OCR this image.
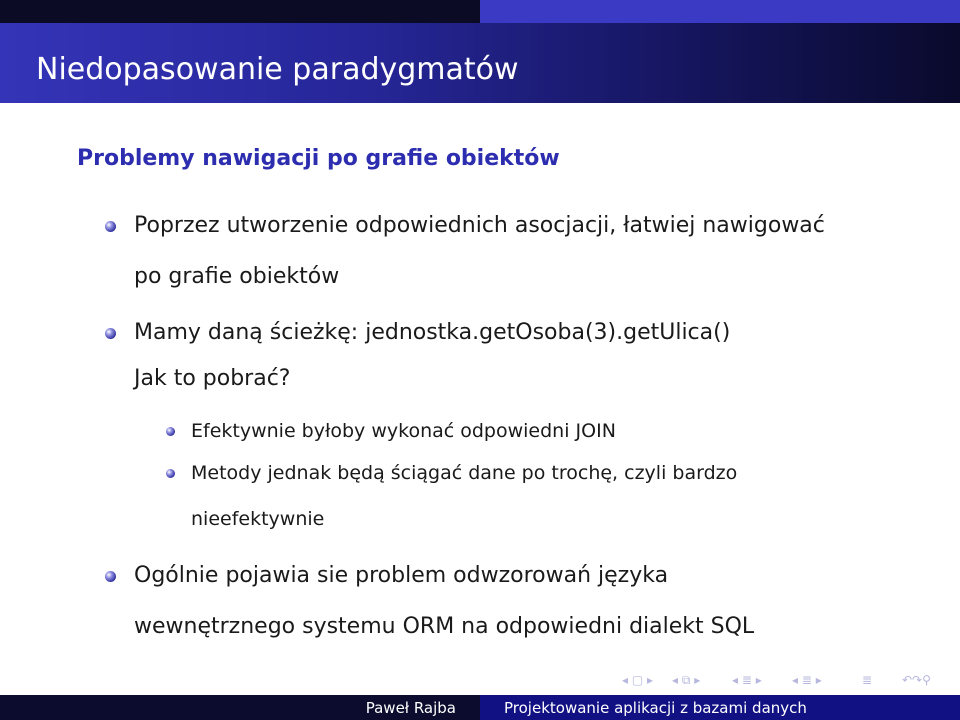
Niedopasowanie paradygmatów
Problemy nawigacji po grafie obiektów
Poprzez utworzenie odpowiednich asocjacji, łatwiej nawigować
po grafie obiektów
Mamy daną ścieżkę: jednostka.getOsoba(3).getUlica()
Jak to pobrać?
Efektywnie byłoby wykonać odpowiedni JOIN
Metody jednak będą ściągać dane po trochę, czyli bardzo
nieefektywnie
Ogólnie pojawia sie problem odwzorowań języka
wewnętrznego systemu ORM na odpowiedni dialekt SQL
◂ ▢ ▸ ◂ ⧉ ▸	◂ ≣ ▸	◂ ≣ ▸	≣ ↶↷⚲
Paweł Rajba	Projektowanie aplikacji z bazami danych
